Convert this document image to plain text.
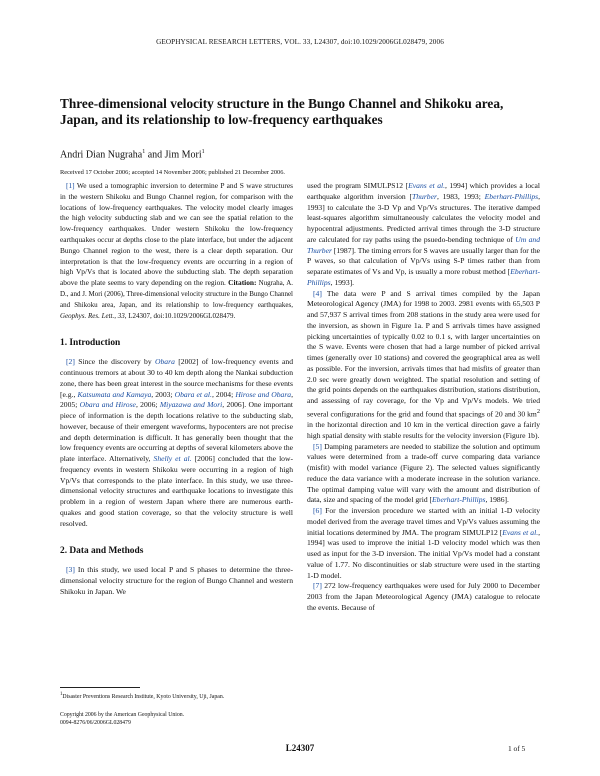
GEOPHYSICAL RESEARCH LETTERS, VOL. 33, L24307, doi:10.1029/2006GL028479, 2006
Three-dimensional velocity structure in the Bungo Channel and Shikoku area, Japan, and its relationship to low-frequency earthquakes
Andri Dian Nugraha$^1$ and Jim Mori$^1$
Received 17 October 2006; accepted 14 November 2006; published 21 December 2006.

[1] We used a tomographic inversion to determine P and S wave structures in the western Shikoku and Bungo Channel region, for comparison with the locations of low-frequency earthquakes. The velocity model clearly images the high velocity subducting slab and we can see the spatial relation to the low-frequency earthquakes. Under western Shikoku the low-frequency earthquakes occur at depths close to the plate interface, but under the adjacent Bungo Channel region to the west, there is a clear depth separation. Our interpretation is that the low-frequency events are occurring in a region of high Vp/Vs that is located above the subducting slab. The depth separation above the plate seems to vary depending on the region. Citation: Nugraha, A. D., and J. Mori (2006), Three-dimensional velocity structure in the Bungo Channel and Shikoku area, Japan, and its relationship to low-frequency earthquakes, Geophys. Res. Lett., 33, L24307, doi:10.1029/2006GL028479.

1. Introduction

[2] Since the discovery by Obara [2002] of low-frequency events and continuous tremors at about 30 to 40 km depth along the Nankai subduction zone, there has been great interest in the source mechanisms for these events [e.g., Katsumata and Kamaya, 2003; Obara et al., 2004; Hirose and Obara, 2005; Obara and Hirose, 2006; Miyazawa and Mori, 2006]. One important piece of information is the depth locations relative to the subducting slab, however, because of their emergent waveforms, hypocenters are not precise and depth determination is difficult. It has generally been thought that the low frequency events are occurring at depths of several kilometers above the plate interface. Alternatively, Shelly et al. [2006] concluded that the low-frequency events in western Shikoku were occurring in a region of high Vp/Vs that corresponds to the plate interface. In this study, we use three-dimensional velocity structures and earthquake locations to investigate this problem in a region of western Japan where there are numerous earth-quakes and good station coverage, so that the velocity structure is well resolved.

2. Data and Methods

[3] In this study, we used local P and S phases to determine the three-dimensional velocity structure for the region of Bungo Channel and western Shikoku in Japan. We

used the program SIMULPS12 [Evans et al., 1994] which provides a local earthquake algorithm inversion [Thurber, 1983, 1993; Eberhart-Phillips, 1993] to calculate the 3-D Vp and Vp/Vs structures. The iterative damped least-squares algorithm simultaneously calculates the velocity model and hypocentral adjustments. Predicted arrival times through the 3-D structure are calculated for ray paths using the psuedo-bending technique of Um and Thurber [1987]. The timing errors for S waves are usually larger than for the P waves, so that calculation of Vp/Vs using S-P times rather than from separate estimates of Vs and Vp, is usually a more robust method [Eberhart-Phillips, 1993].

[4] The data were P and S arrival times compiled by the Japan Meteorological Agency (JMA) for 1998 to 2003. 2981 events with 65,503 P and 57,937 S arrival times from 208 stations in the study area were used for the inversion, as shown in Figure 1a. P and S arrivals times have assigned picking uncertainties of typically 0.02 to 0.1 s, with larger uncertainties on the S wave. Events were chosen that had a large number of picked arrival times (generally over 10 stations) and covered the geographical area as well as possible. For the inversion, arrivals times that had misfits of greater than 2.0 sec were greatly down weighted. The spatial resolution and setting of the grid points depends on the earthquakes distribution, stations distribution, and assessing of ray coverage, for the Vp and Vp/Vs models. We tried several configurations for the grid and found that spacings of 20 and 30 $km^2$ in the horizontal direction and 10 km in the vertical direction gave a fairly high spatial density with stable results for the velocity inversion (Figure 1b).

[5] Damping parameters are needed to stabilize the solution and optimum values were determined from a trade-off curve comparing data variance (misfit) with model variance (Figure 2). The selected values significantly reduce the data variance with a moderate increase in the solution variance. The optimal damping value will vary with the amount and distribution of data, size and spacing of the model grid [Eberhart-Phillips, 1986].

[6] For the inversion procedure we started with an initial 1-D velocity model derived from the average travel times and Vp/Vs values assuming the initial locations determined by JMA. The program SIMULP12 [Evans et al., 1994] was used to improve the initial 1-D velocity model which was then used as input for the 3-D inversion. The initial Vp/Vs model had a constant value of 1.77. No discontinuities or slab structure were used in the starting 1-D model.

[7] 272 low-frequency earthquakes were used for July 2000 to December 2003 from the Japan Meteorological Agency (JMA) catalogue to relocate the events. Because of

$^1$Disaster Preventions Research Institute, Kyoto University, Uji, Japan.
Copyright 2006 by the American Geophysical Union.
0094-8276/06/2006GL028479
L24307	1 of 5
